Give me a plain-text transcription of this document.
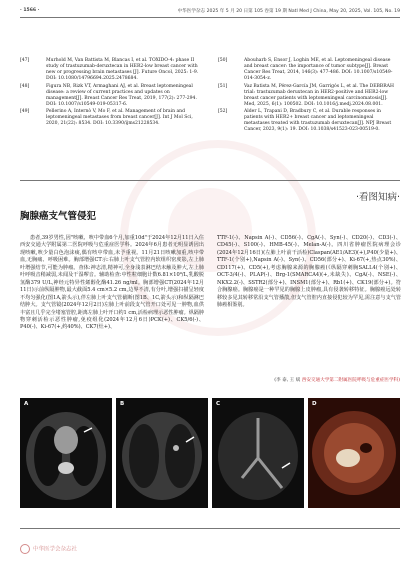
· 1566 ·	中华医学杂志 2025 年 5 月 20 日第 105 卷第 19 期 Natl Med J China, May 20, 2025, Vol. 105, No. 19
[47]	Murhold M, Van Battista M, Blancas I, et al. TOXIDO-4: phase II study of trastuzumab-deruxtecan in HER2-low breast cancer with new or progressing brain metastases [J]. Future Oncol, 2025: 1-9. DOI: 10.1080/14796694.2025.2478684.
[48]	Figura NB, Rizk VT, Armaghani AJ, et al. Breast leptomeningeal disease: a review of current practices and updates on management[J]. Breast Cancer Res Treat, 2019, 177(2): 277-294. DOI: 10.1007/s10549-019-05317-6.
[49]	Pellerino A, Internò V, Mo F, et al. Management of brain and leptomeningeal metastases from breast cancer[J]. Int J Mol Sci, 2020, 21(22): 8534. DOI: 10.3390/ijms21228534.
[50]	Abouharb S, Ensor J, Loghin ME, et al. Leptomeningeal disease and breast cancer: the importance of tumor subtype[J]. Breast Cancer Res Treat, 2014, 146(3): 477-486. DOI: 10.1007/s10549-014-3054-z.
[51]	Vaz Batista M, Pérez-García JM, Garrigós L, et al. The DEBBRAH trial: trastuzumab deruxtecan in HER2-positive and HER2-low breast cancer patients with leptomeningeal carcinomatosis[J]. Med, 2025, 6(1): 100502. DOI: 10.1016/j.medj.2024.08.001.
[52]	Alder L, Trapani D, Bradbury C, et al. Durable responses in patients with HER2+ breast cancer and leptomeningeal metastases treated with trastuzumab deruxtecan[J]. NPJ Breast Cancer, 2023, 9(1): 19. DOI: 10.1038/s41523-023-00519-0.
·看图知病·
胸腺癌支气管侵犯
患者,39岁男性,因"咳嗽、咳中带血6个月,加重10d"于2024年12月11日入住西安交通大学附属第二医院呼吸与危重症医学科。2024年6月患者无明显诱因出现咳嗽,咳少量白色泡沫痰,偶有咳中带血,未予重视。11月21日咳嗽加重,咳中带血,无胸痛、呼吸困难。胸部增强CT示:右肺上叶支气管腔内软组织密度影,左上肺叶增强结节,可能为肿瘤。查体:神志清,精神可,全身浅表淋巴结未触及肿大,左上肺叶呼吸音稍减弱,未闻及干湿啰音。辅助检查:中性粒细胞计数6.81×10⁹/L,乳酸脱氢酶379 U/L,神经元特异性烯醇化酶41.26 ng/ml。胸部增强CT(2024年12月11日)示前纵隔肿物,最大截面5.4 cm×5.2 cm,边界不清,有分叶,增强扫描呈轻度不均匀强化(图1A,箭头示),伴左肺上叶支气管截断(图1B、1C,箭头示)和纵隔淋巴结肿大。支气管镜(2024年12月2日)左肺上叶前段支气管开口处可见一肿物,血供丰富且几乎完全堵塞管腔,距离左肺上叶开口约1 cm,活检病理示恶性肿瘤。纵隔肿物穿刺活检示恶性肿瘤,免疫组化(2024年12月6日)PCK(+)、CK5/6(-)、P40(-)、Ki-67(+,约40%)、CK7(灶+)、
TTF-1(-)、Napsin A(-)、CD56(-)、CgA(-)、Syn(-)、CD20(-)、CD3(-)、CD45(-)、S100(-)、HMB-45(-)、Melan-A(-)。四川省肿瘤医院病理会诊(2024年12月16日)(左肺上叶前干活检)Claspan(AE1/AE3)(+),P40(少量+)、TTF-1(个别+),Napsin A(-)、Syn(-)、CD56(部分+)、Ki-67(+,热点30%)、CD117(+)、CD5(+),考虑胸腺来源的胸腺癌(《纵隔穿刺胸SALL4(个别+)、OCT-3/4(-)、PLAP(-)、Brg-1(SMARCA4)(+,未缺失)、CgA(-)、NSE(-)、NKX2.2(-)、SSTR2(部分+)、INSM1(部分+)、Rb1(+)、CK19(部分+)。符合胸腺癌。胸腺癌是一种罕见的胸腺上皮肿瘤,具有侵袭转移特征。胸腺癌远处转移较多见其转移常沿支气管播散,但支气管腔内直接侵犯较为罕见,需注意与支气管肺癌相鉴别。
(李 泰, 王 斌 西安交通大学第二附属医院呼吸与危重症医学科)
A	B	C	D
中华医学会杂志社
